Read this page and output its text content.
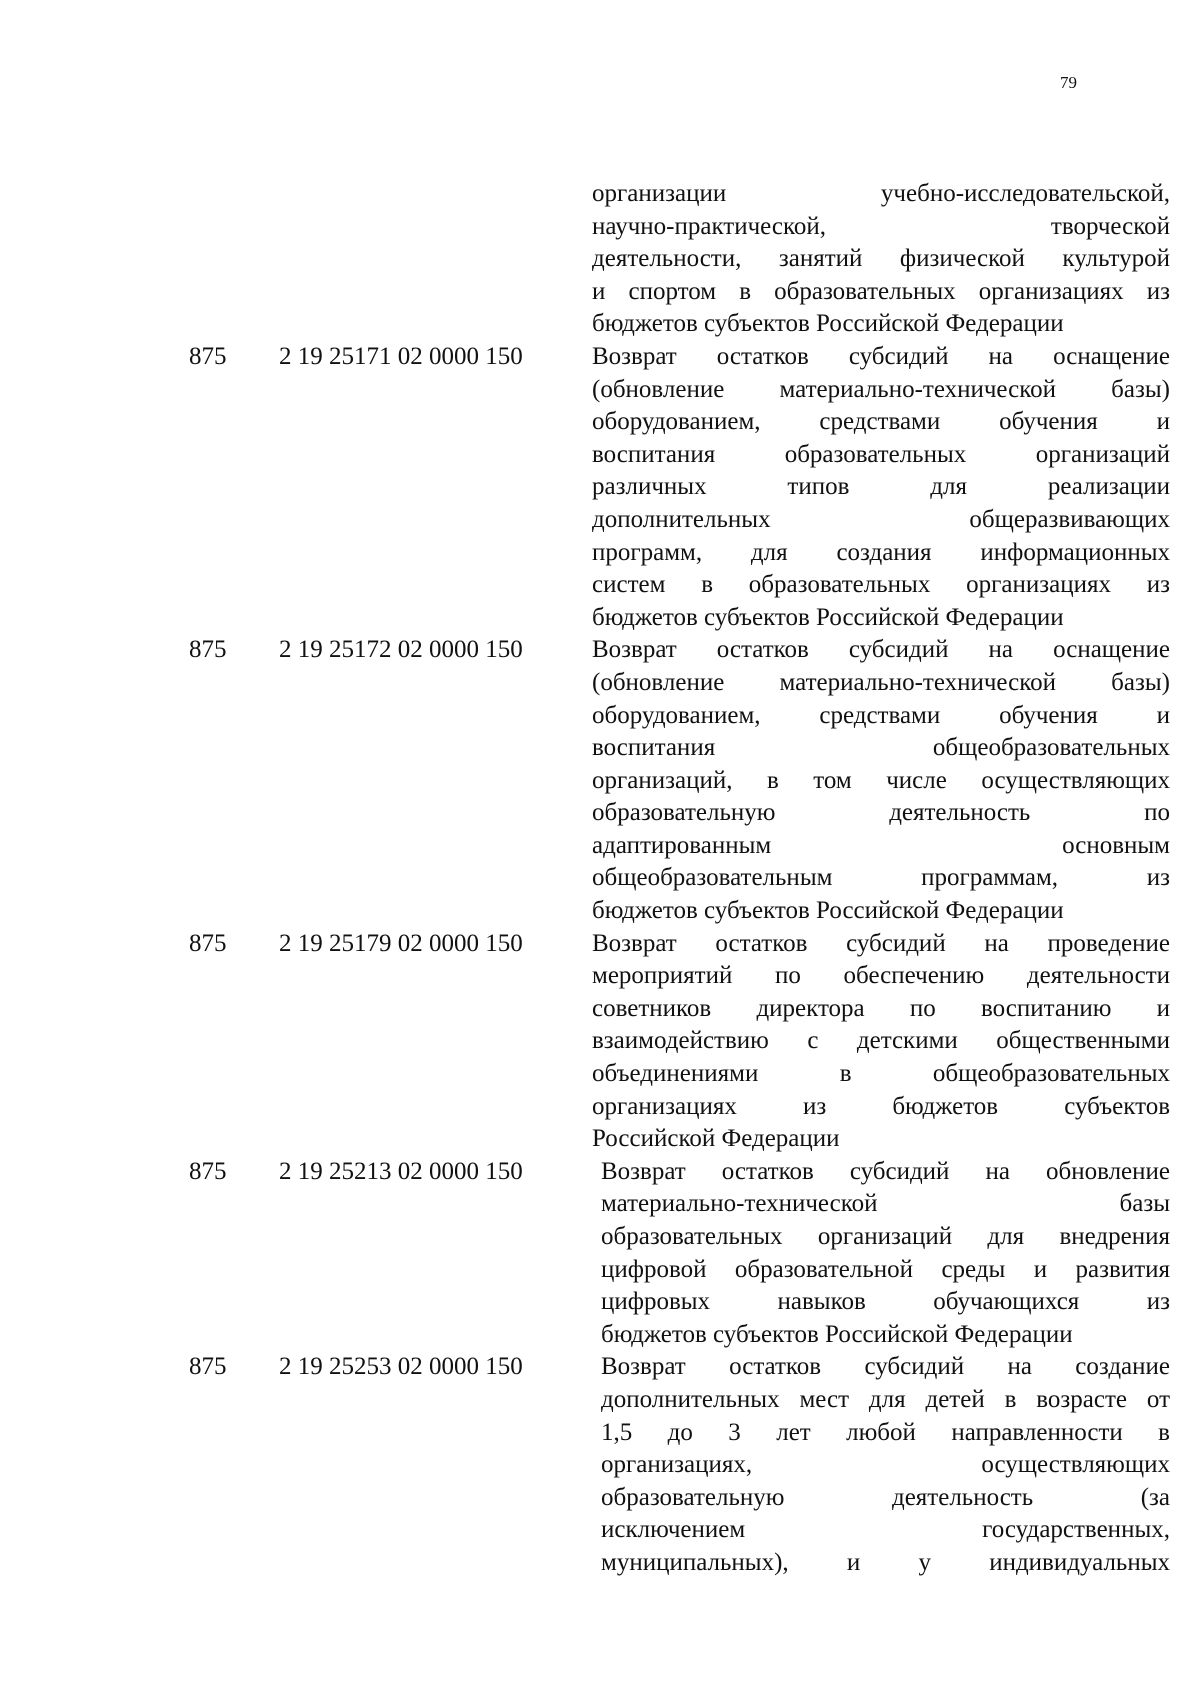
79
организации учебно-исследовательской,
научно-практической, творческой
деятельности, занятий физической культурой
и спортом в образовательных организациях из
бюджетов субъектов Российской Федерации
875	2 19 25171 02 0000 150	Возврат остатков субсидий на оснащение
(обновление материально-технической базы)
оборудованием, средствами обучения и
воспитания образовательных организаций
различных типов для реализации
дополнительных общеразвивающих
программ, для создания информационных
систем в образовательных организациях из
бюджетов субъектов Российской Федерации
875	2 19 25172 02 0000 150	Возврат остатков субсидий на оснащение
(обновление материально-технической базы)
оборудованием, средствами обучения и
воспитания общеобразовательных
организаций, в том числе осуществляющих
образовательную деятельность по
адаптированным основным
общеобразовательным программам, из
бюджетов субъектов Российской Федерации
875	2 19 25179 02 0000 150	Возврат остатков субсидий на проведение
мероприятий по обеспечению деятельности
советников директора по воспитанию и
взаимодействию с детскими общественными
объединениями в общеобразовательных
организациях из бюджетов субъектов
Российской Федерации
875	2 19 25213 02 0000 150	Возврат остатков субсидий на обновление
материально-технической базы
образовательных организаций для внедрения
цифровой образовательной среды и развития
цифровых навыков обучающихся из
бюджетов субъектов Российской Федерации
875	2 19 25253 02 0000 150	Возврат остатков субсидий на создание
дополнительных мест для детей в возрасте от
1,5 до 3 лет любой направленности в
организациях, осуществляющих
образовательную деятельность (за
исключением государственных,
муниципальных), и у индивидуальных
